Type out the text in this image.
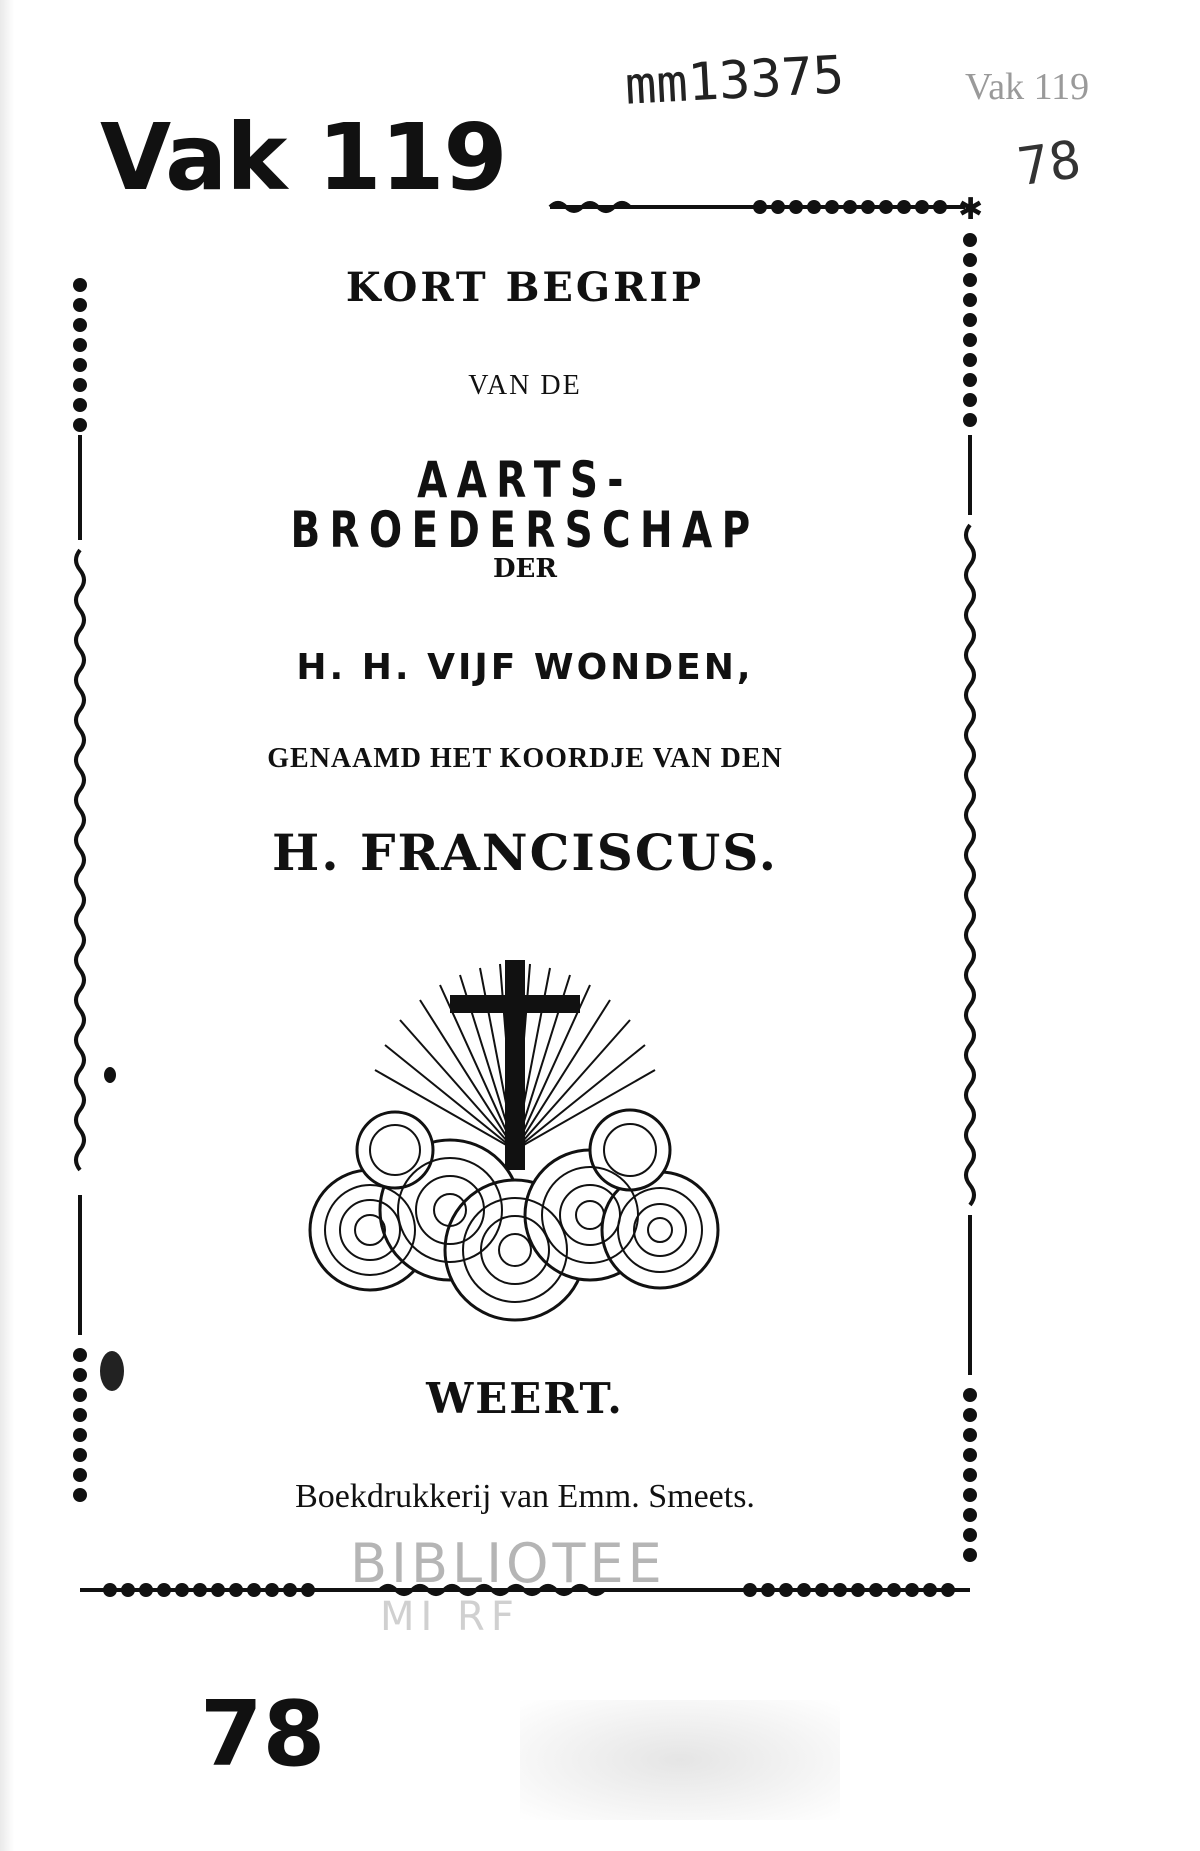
Vak 119
mm13375	Vak 119
78
✱
KORT BEGRIP
VAN DE
AARTS-BROEDERSCHAP
DER
H. H. VIJF WONDEN,
GENAAMD HET KOORDJE VAN DEN
H. FRANCISCUS.
WEERT.
Boekdrukkerij van Emm. Smeets.
BIBLIOTEE
MI RF
78
